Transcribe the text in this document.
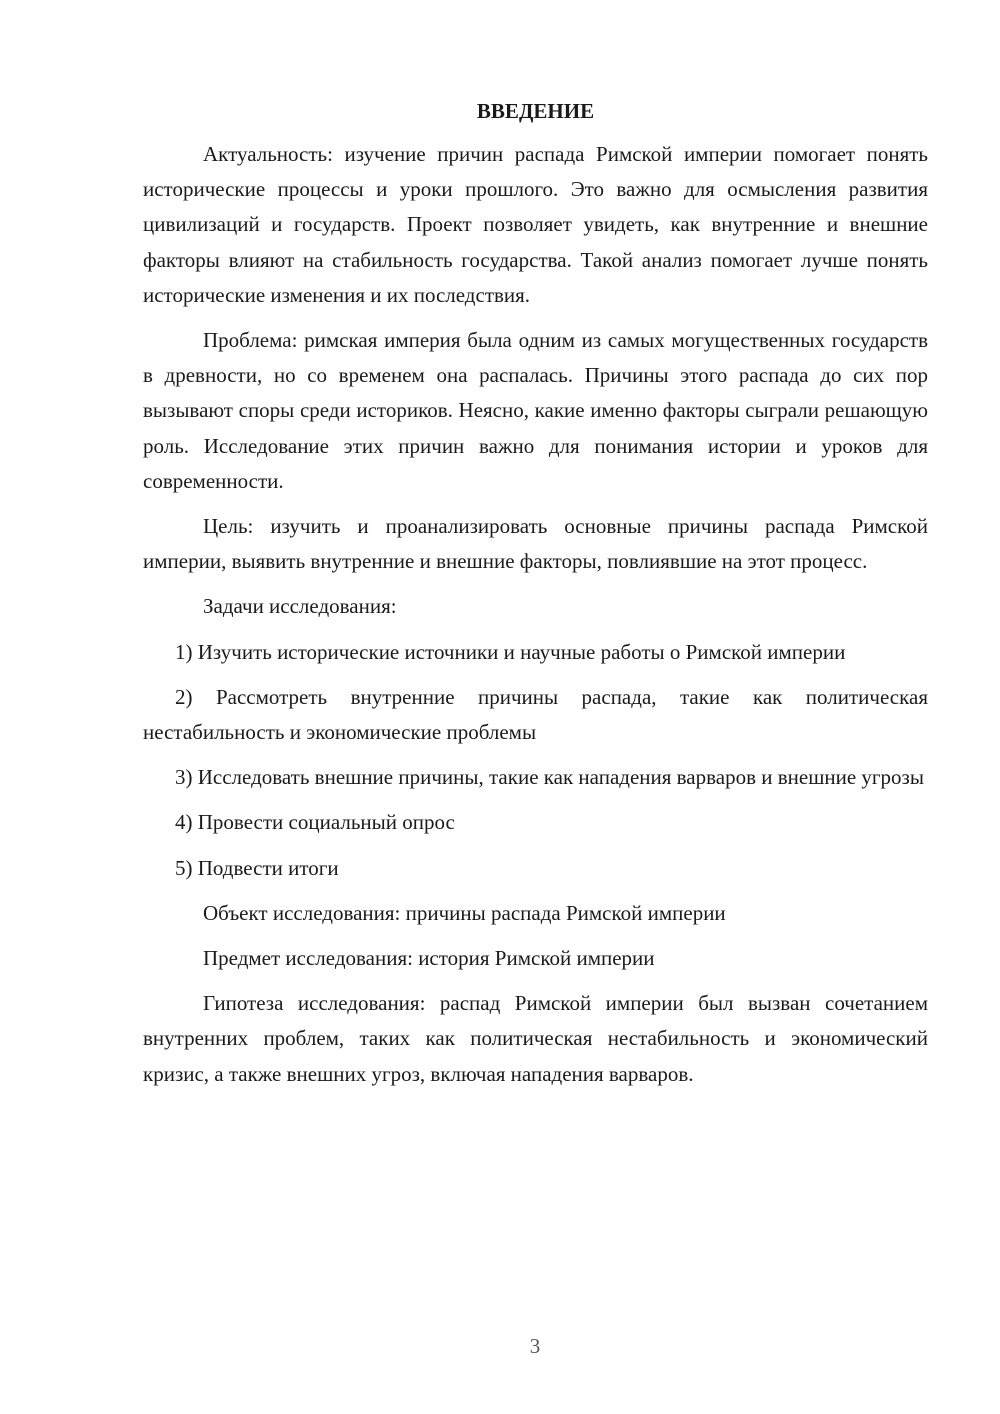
ВВЕДЕНИЕ

Актуальность: изучение причин распада Римской империи помогает понять исторические процессы и уроки прошлого. Это важно для осмысления развития цивилизаций и государств. Проект позволяет увидеть, как внутренние и внешние факторы влияют на стабильность государства. Такой анализ помогает лучше понять исторические изменения и их последствия.

Проблема: римская империя была одним из самых могущественных государств в древности, но со временем она распалась. Причины этого распада до сих пор вызывают споры среди историков. Неясно, какие именно факторы сыграли решающую роль. Исследование этих причин важно для понимания истории и уроков для современности.

Цель: изучить и проанализировать основные причины распада Римской империи, выявить внутренние и внешние факторы, повлиявшие на этот процесс.

Задачи исследования:

1) Изучить исторические источники и научные работы о Римской империи

2) Рассмотреть внутренние причины распада, такие как политическая нестабильность и экономические проблемы

3) Исследовать внешние причины, такие как нападения варваров и внешние угрозы

4) Провести социальный опрос

5) Подвести итоги

Объект исследования: причины распада Римской империи

Предмет исследования: история Римской империи

Гипотеза исследования: распад Римской империи был вызван сочетанием внутренних проблем, таких как политическая нестабильность и экономический кризис, а также внешних угроз, включая нападения варваров.

3
